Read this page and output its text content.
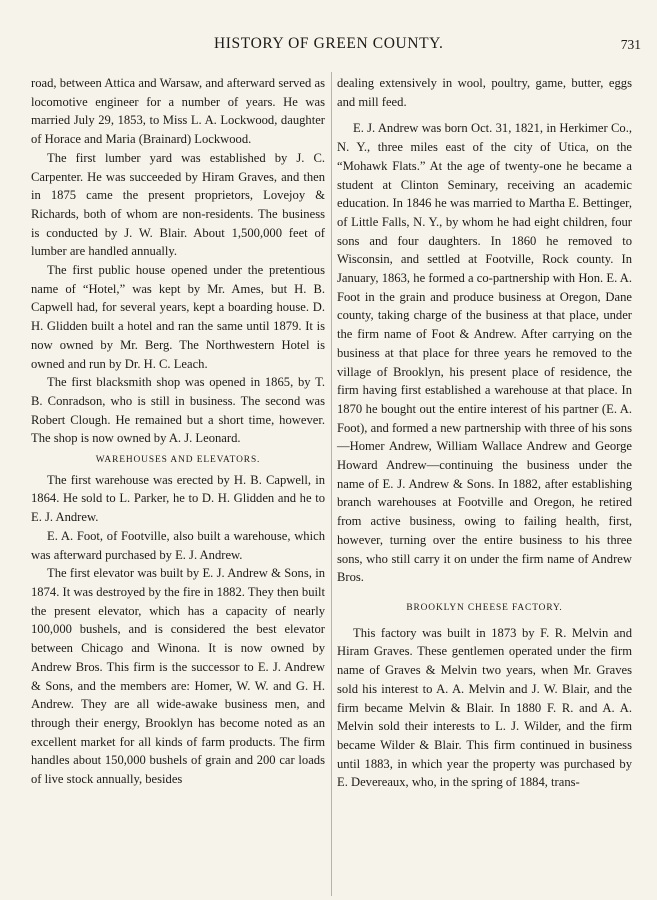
HISTORY OF GREEN COUNTY.	731

road, between Attica and Warsaw, and afterward served as locomotive engineer for a number of years. He was married July 29, 1853, to Miss L. A. Lockwood, daughter of Horace and Maria (Brainard) Lockwood.

The first lumber yard was established by J. C. Carpenter. He was succeeded by Hiram Graves, and then in 1875 came the present proprietors, Lovejoy & Richards, both of whom are non-residents. The business is conducted by J. W. Blair. About 1,500,000 feet of lumber are handled annually.

The first public house opened under the pretentious name of “Hotel,” was kept by Mr. Ames, but H. B. Capwell had, for several years, kept a boarding house. D. H. Glidden built a hotel and ran the same until 1879. It is now owned by Mr. Berg. The Northwestern Hotel is owned and run by Dr. H. C. Leach.

The first blacksmith shop was opened in 1865, by T. B. Conradson, who is still in business. The second was Robert Clough. He remained but a short time, however. The shop is now owned by A. J. Leonard.

WAREHOUSES AND ELEVATORS.

The first warehouse was erected by H. B. Capwell, in 1864. He sold to L. Parker, he to D. H. Glidden and he to E. J. Andrew.

E. A. Foot, of Footville, also built a warehouse, which was afterward purchased by E. J. Andrew.

The first elevator was built by E. J. Andrew & Sons, in 1874. It was destroyed by the fire in 1882. They then built the present elevator, which has a capacity of nearly 100,000 bushels, and is considered the best elevator between Chicago and Winona. It is now owned by Andrew Bros. This firm is the successor to E. J. Andrew & Sons, and the members are: Homer, W. W. and G. H. Andrew. They are all wide-awake business men, and through their energy, Brooklyn has become noted as an excellent market for all kinds of farm products. The firm handles about 150,000 bushels of grain and 200 car loads of live stock annually, besides

dealing extensively in wool, poultry, game, butter, eggs and mill feed.

E. J. Andrew was born Oct. 31, 1821, in Herkimer Co., N. Y., three miles east of the city of Utica, on the “Mohawk Flats.” At the age of twenty-one he became a student at Clinton Seminary, receiving an academic education. In 1846 he was married to Martha E. Bettinger, of Little Falls, N. Y., by whom he had eight children, four sons and four daughters. In 1860 he removed to Wisconsin, and settled at Footville, Rock county. In January, 1863, he formed a co-partnership with Hon. E. A. Foot in the grain and produce business at Oregon, Dane county, taking charge of the business at that place, under the firm name of Foot & Andrew. After carrying on the business at that place for three years he removed to the village of Brooklyn, his present place of residence, the firm having first established a warehouse at that place. In 1870 he bought out the entire interest of his partner (E. A. Foot), and formed a new partnership with three of his sons—Homer Andrew, William Wallace Andrew and George Howard Andrew—continuing the business under the name of E. J. Andrew & Sons. In 1882, after establishing branch warehouses at Footville and Oregon, he retired from active business, owing to failing health, first, however, turning over the entire business to his three sons, who still carry it on under the firm name of Andrew Bros.

BROOKLYN CHEESE FACTORY.

This factory was built in 1873 by F. R. Melvin and Hiram Graves. These gentlemen operated under the firm name of Graves & Melvin two years, when Mr. Graves sold his interest to A. A. Melvin and J. W. Blair, and the firm became Melvin & Blair. In 1880 F. R. and A. A. Melvin sold their interests to L. J. Wilder, and the firm became Wilder & Blair. This firm continued in business until 1883, in which year the property was purchased by E. Devereaux, who, in the spring of 1884, trans-
